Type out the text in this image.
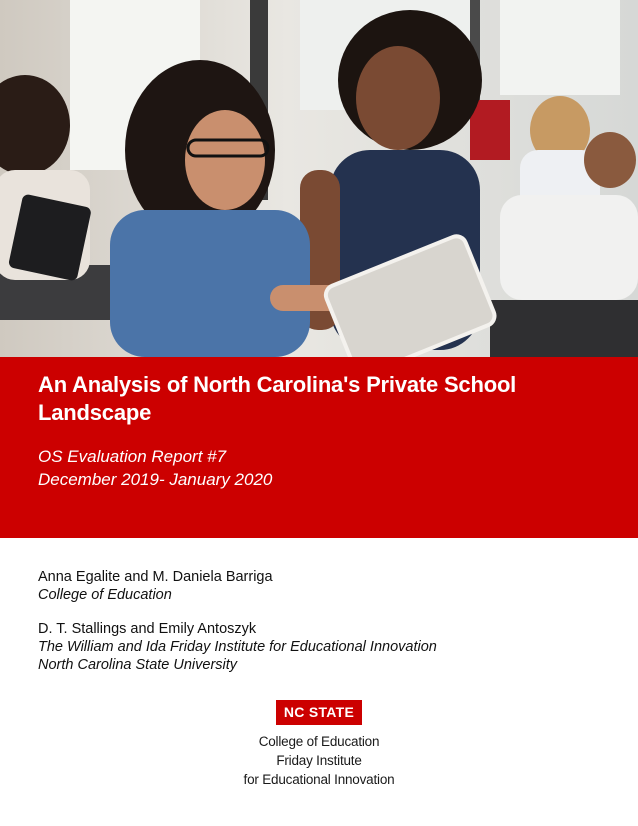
An Analysis of North Carolina's Private School Landscape

OS Evaluation Report #7
December 2019- January 2020

Anna Egalite and M. Daniela Barriga
College of Education
D. T. Stallings and Emily Antoszyk
The William and Ida Friday Institute for Educational Innovation
North Carolina State University
NC STATE
College of Education
Friday Institute
for Educational Innovation
